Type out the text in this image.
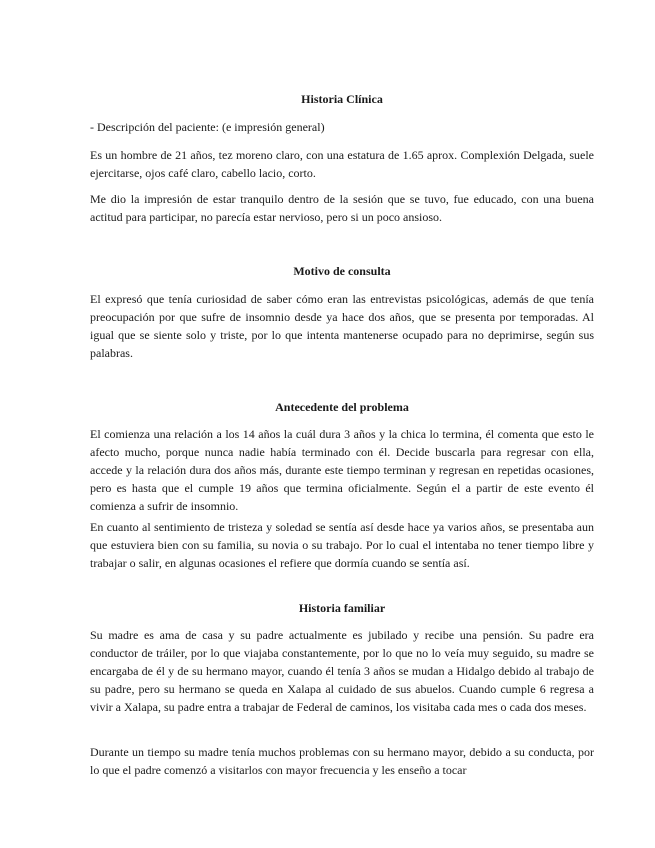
Historia Clínica

- Descripción del paciente: (e impresión general)

Es un hombre de 21 años, tez moreno claro, con una estatura de 1.65 aprox. Complexión Delgada, suele ejercitarse, ojos café claro, cabello lacio, corto.

Me dio la impresión de estar tranquilo dentro de la sesión que se tuvo, fue educado, con una buena actitud para participar, no parecía estar nervioso, pero si un poco ansioso.

Motivo de consulta

El expresó que tenía curiosidad de saber cómo eran las entrevistas psicológicas, además de que tenía preocupación por que sufre de insomnio desde ya hace dos años, que se presenta por temporadas. Al igual que se siente solo y triste, por lo que intenta mantenerse ocupado para no deprimirse, según sus palabras.

Antecedente del problema

El comienza una relación a los 14 años la cuál dura 3 años y la chica lo termina, él comenta que esto le afecto mucho, porque nunca nadie había terminado con él. Decide buscarla para regresar con ella, accede y la relación dura dos años más, durante este tiempo terminan y regresan en repetidas ocasiones, pero es hasta que el cumple 19 años que termina oficialmente. Según el a partir de este evento él comienza a sufrir de insomnio.

En cuanto al sentimiento de tristeza y soledad se sentía así desde hace ya varios años, se presentaba aun que estuviera bien con su familia, su novia o su trabajo. Por lo cual el intentaba no tener tiempo libre y trabajar o salir, en algunas ocasiones el refiere que dormía cuando se sentía así.

Historia familiar

Su madre es ama de casa y su padre actualmente es jubilado y recibe una pensión. Su padre era conductor de tráiler, por lo que viajaba constantemente, por lo que no lo veía muy seguido, su madre se encargaba de él y de su hermano mayor, cuando él tenía 3 años se mudan a Hidalgo debido al trabajo de su padre, pero su hermano se queda en Xalapa al cuidado de sus abuelos. Cuando cumple 6 regresa a vivir a Xalapa, su padre entra a trabajar de Federal de caminos, los visitaba cada mes o cada dos meses.

Durante un tiempo su madre tenía muchos problemas con su hermano mayor, debido a su conducta, por lo que el padre comenzó a visitarlos con mayor frecuencia y les enseño a tocar
